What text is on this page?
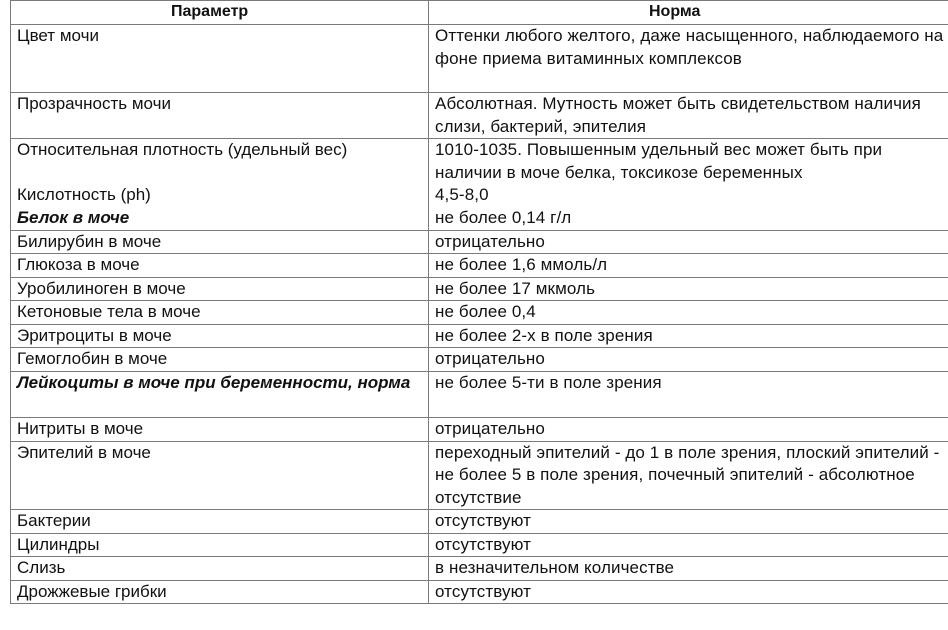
Параметр	Норма
Цвет мочи	Оттенки любого желтого, даже насыщенного, наблюдаемого на фоне приема витаминных комплексов
Прозрачность мочи	Абсолютная. Мутность может быть свидетельством наличия слизи, бактерий, эпителия
Относительная плотность (удельный вес)	1010-1035. Повышенным удельный вес может быть при наличии в моче белка, токсикозе беременных
Кислотность (ph)	4,5-8,0
Белок в моче	не более 0,14 г/л
Билирубин в моче	отрицательно
Глюкоза в моче	не более 1,6 ммоль/л
Уробилиноген в моче	не более 17 мкмоль
Кетоновые тела в моче	не более 0,4
Эритроциты в моче	не более 2-х в поле зрения
Гемоглобин в моче	отрицательно
Лейкоциты в моче при беременности, норма	не более 5-ти в поле зрения
Нитриты в моче	отрицательно
Эпителий в моче	переходный эпителий - до 1 в поле зрения, плоский эпителий - не более 5 в поле зрения, почечный эпителий - абсолютное отсутствие
Бактерии	отсутствуют
Цилиндры	отсутствуют
Слизь	в незначительном количестве
Дрожжевые грибки	отсутствуют
